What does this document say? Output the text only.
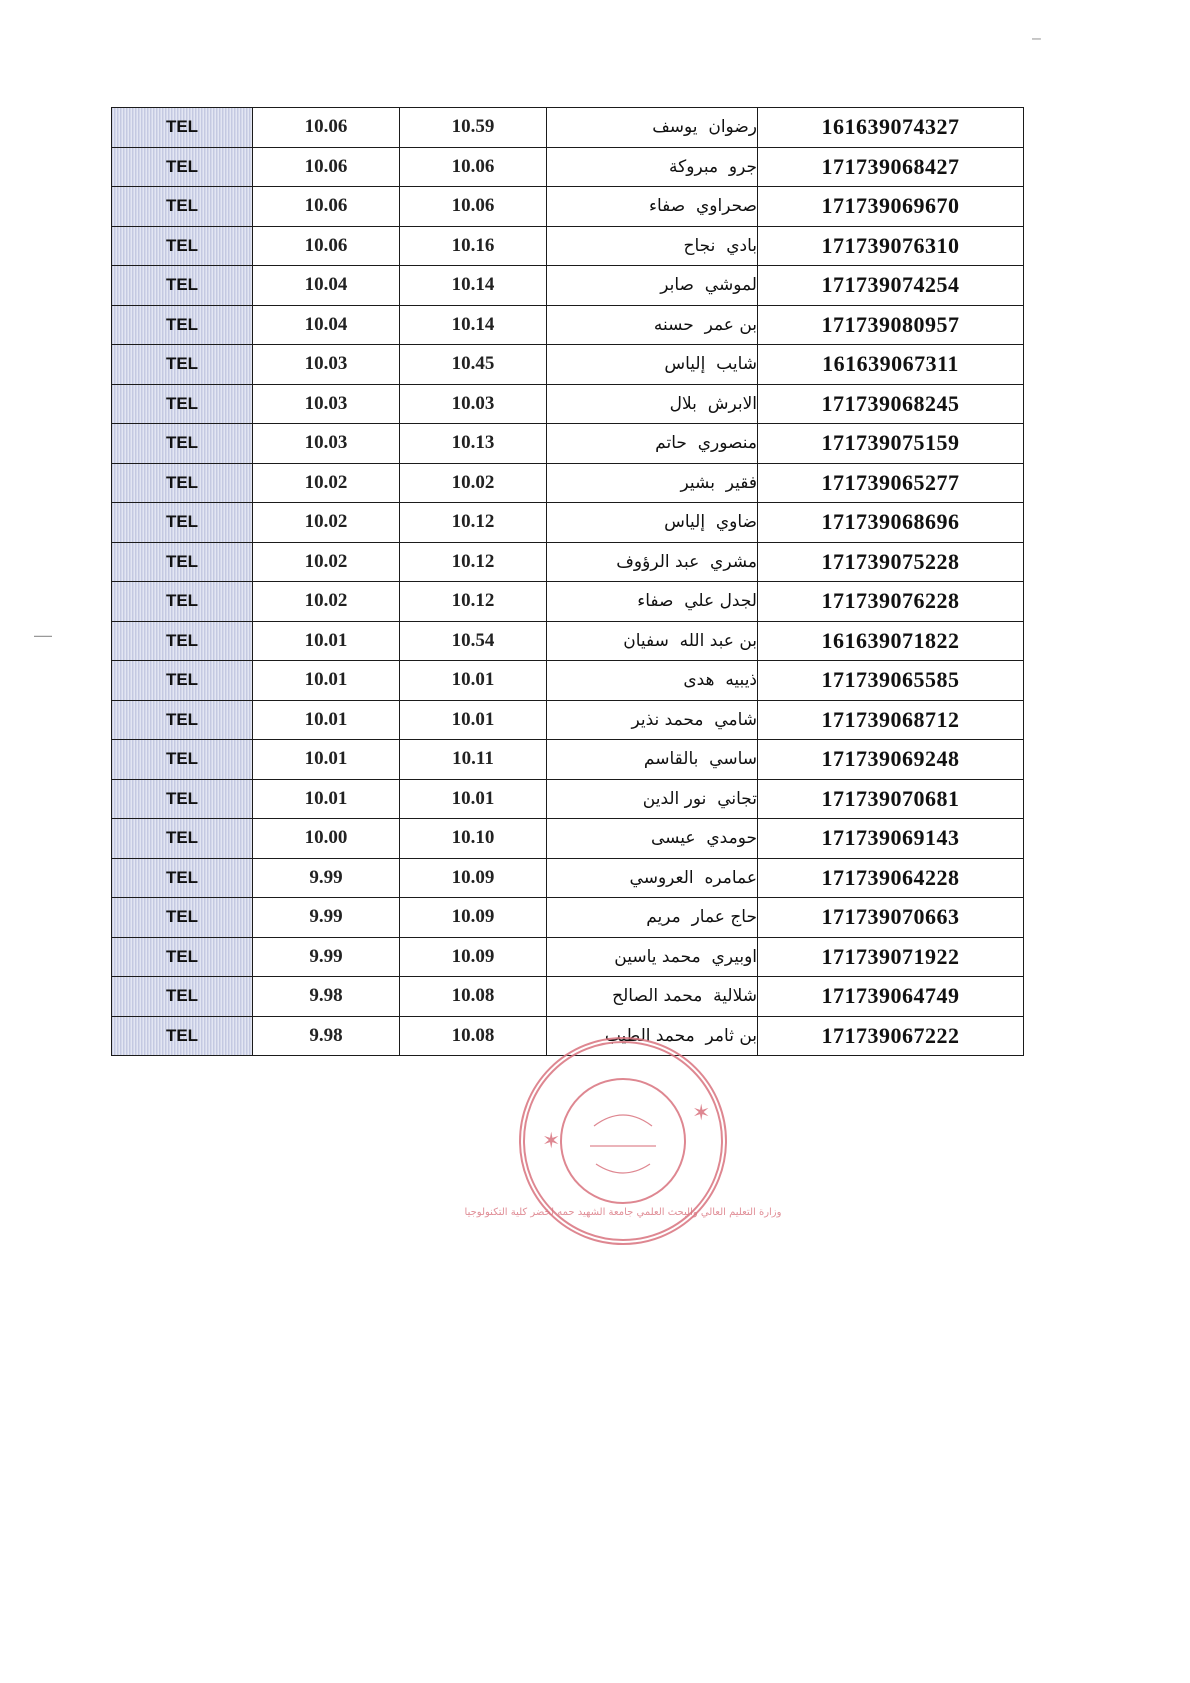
TEL	10.06	10.59	رضوان  يوسف	161639074327
TEL	10.06	10.06	جرو  مبروكة	171739068427
TEL	10.06	10.06	صحراوي  صفاء	171739069670
TEL	10.06	10.16	بادي  نجاح	171739076310
TEL	10.04	10.14	لموشي  صابر	171739074254
TEL	10.04	10.14	بن عمر  حسنه	171739080957
TEL	10.03	10.45	شايب  إلياس	161639067311
TEL	10.03	10.03	الابرش  بلال	171739068245
TEL	10.03	10.13	منصوري  حاتم	171739075159
TEL	10.02	10.02	فقير  بشير	171739065277
TEL	10.02	10.12	ضاوي  إلياس	171739068696
TEL	10.02	10.12	مشري  عبد الرؤوف	171739075228
TEL	10.02	10.12	لجدل علي  صفاء	171739076228
TEL	10.01	10.54	بن عبد الله  سفيان	161639071822
TEL	10.01	10.01	ذيبيه  هدى	171739065585
TEL	10.01	10.01	شامي  محمد نذير	171739068712
TEL	10.01	10.11	ساسي  بالقاسم	171739069248
TEL	10.01	10.01	تجاني  نور الدين	171739070681
TEL	10.00	10.10	حومدي  عيسى	171739069143
TEL	9.99	10.09	عمامره  العروسي	171739064228
TEL	9.99	10.09	حاج عمار  مريم	171739070663
TEL	9.99	10.09	اوبيري  محمد ياسين	171739071922
TEL	9.98	10.08	شلالية  محمد الصالح	171739064749
TEL	9.98	10.08	بن ثامر  محمد الطيب	171739067222
✶
✶
وزارة التعليم العالي والبحث العلمي جامعة الشهيد حمه لخضر كلية التكنولوجيا
‒
—
